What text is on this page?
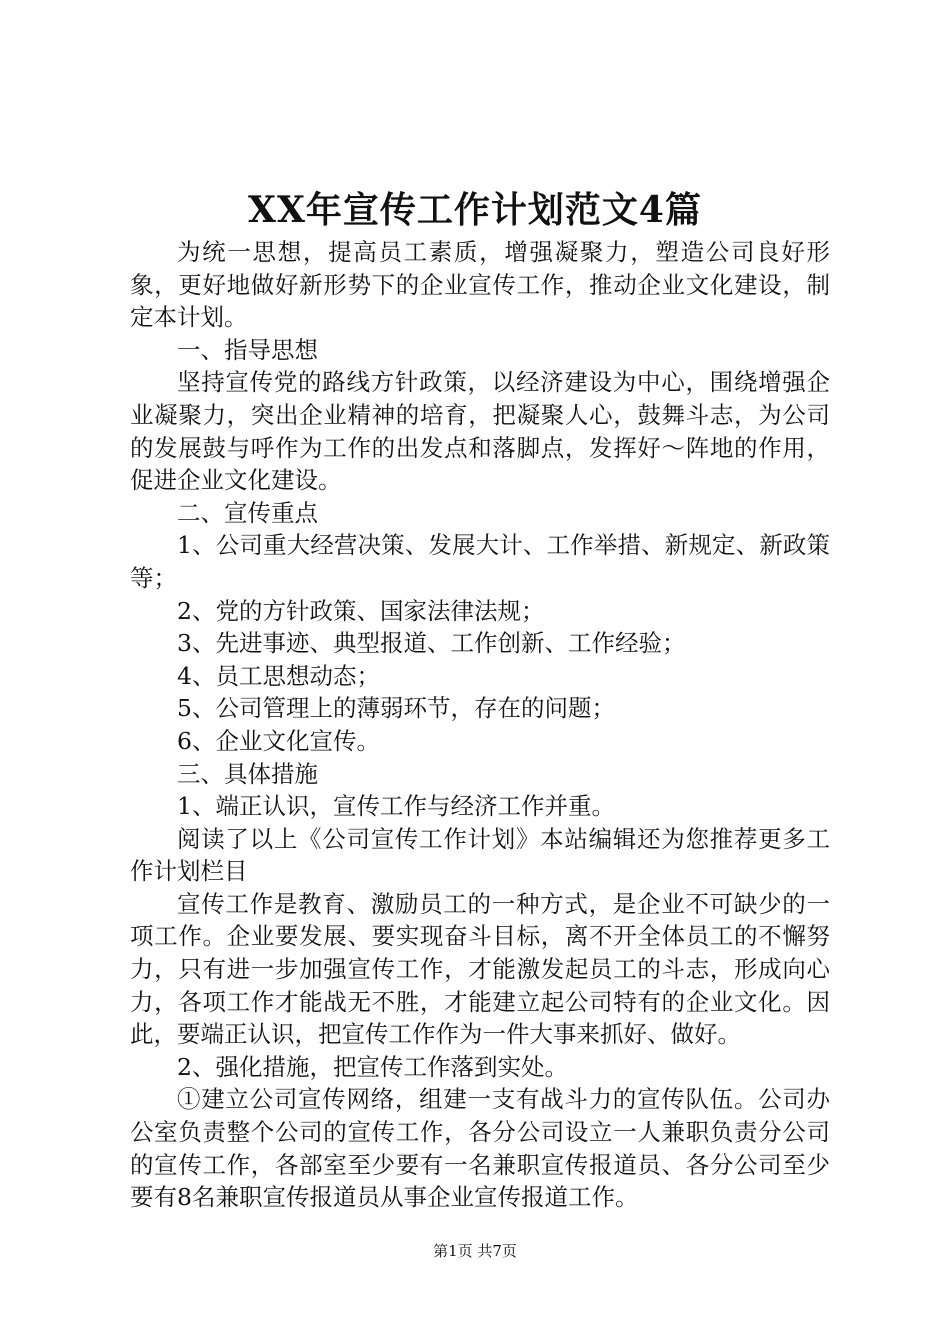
XX年宣传工作计划范文4篇

为统一思想，提高员工素质，增强凝聚力，塑造公司良好形象，更好地做好新形势下的企业宣传工作，推动企业文化建设，制定本计划。

一、指导思想

坚持宣传党的路线方针政策，以经济建设为中心，围绕增强企业凝聚力，突出企业精神的培育，把凝聚人心，鼓舞斗志，为公司的发展鼓与呼作为工作的出发点和落脚点，发挥好～阵地的作用，促进企业文化建设。

二、宣传重点

1、公司重大经营决策、发展大计、工作举措、新规定、新政策等；

2、党的方针政策、国家法律法规；

3、先进事迹、典型报道、工作创新、工作经验；

4、员工思想动态；

5、公司管理上的薄弱环节，存在的问题；

6、企业文化宣传。

三、具体措施

1、端正认识，宣传工作与经济工作并重。

阅读了以上《公司宣传工作计划》本站编辑还为您推荐更多工作计划栏目

宣传工作是教育、激励员工的一种方式，是企业不可缺少的一项工作。企业要发展、要实现奋斗目标，离不开全体员工的不懈努力，只有进一步加强宣传工作，才能激发起员工的斗志，形成向心力，各项工作才能战无不胜，才能建立起公司特有的企业文化。因此，要端正认识，把宣传工作作为一件大事来抓好、做好。

2、强化措施，把宣传工作落到实处。

①建立公司宣传网络，组建一支有战斗力的宣传队伍。公司办公室负责整个公司的宣传工作，各分公司设立一人兼职负责分公司的宣传工作，各部室至少要有一名兼职宣传报道员、各分公司至少要有8名兼职宣传报道员从事企业宣传报道工作。

第1页 共7页
